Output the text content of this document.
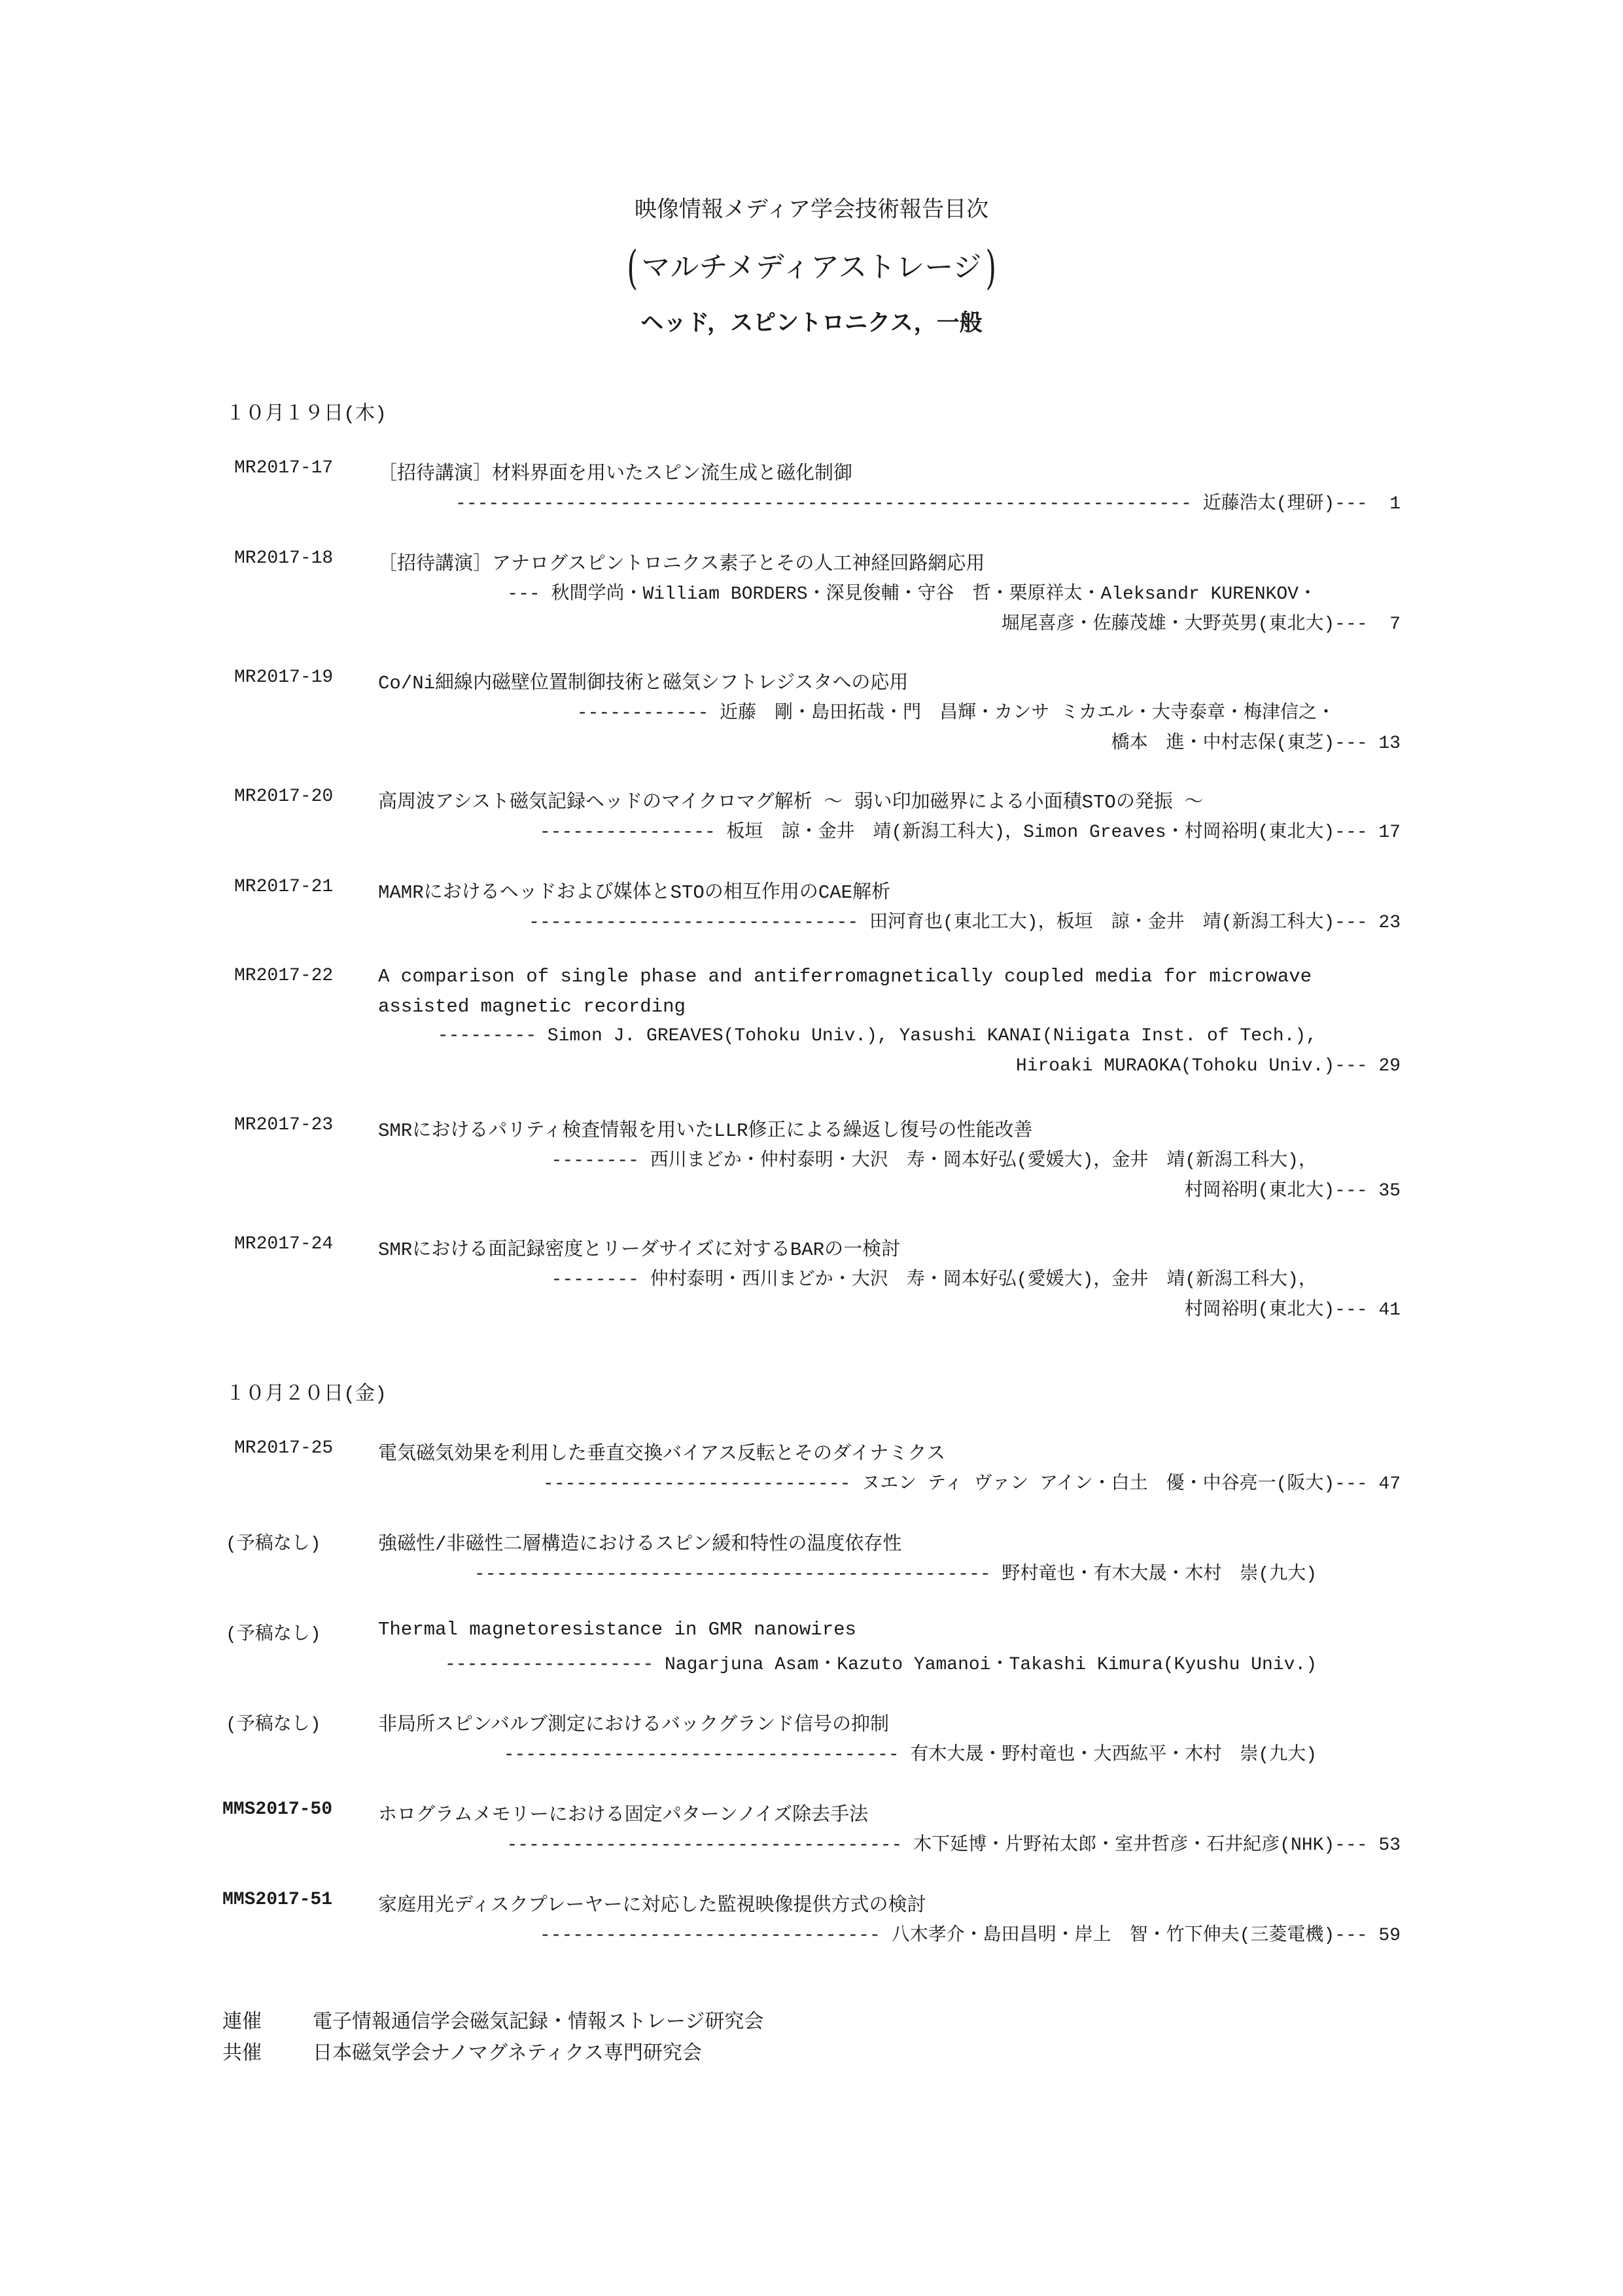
映像情報メディア学会技術報告目次
( マルチメディアストレージ)
ヘッド，スピントロニクス，一般
１０月１９日(木)
MR2017-17 ［招待講演］材料界面を用いたスピン流生成と磁化制御
------------------------------------------------------------------- 近藤浩太(理研)---  1
MR2017-18 ［招待講演］アナログスピントロニクス素子とその人工神経回路網応用
--- 秋間学尚・William BORDERS・深見俊輔・守谷　哲・栗原祥太・Aleksandr KURENKOV・
堀尾喜彦・佐藤茂雄・大野英男(東北大)---  7
MR2017-19 Co/Ni細線内磁壁位置制御技術と磁気シフトレジスタへの応用
------------ 近藤　剛・島田拓哉・門　昌輝・カンサ ミカエル・大寺泰章・梅津信之・
橋本　進・中村志保(東芝)--- 13
MR2017-20 高周波アシスト磁気記録ヘッドのマイクロマグ解析 ～ 弱い印加磁界による小面積STOの発振 ～
---------------- 板垣　諒・金井　靖(新潟工科大)，Simon Greaves・村岡裕明(東北大)--- 17
MR2017-21 MAMRにおけるヘッドおよび媒体とSTOの相互作用のCAE解析
------------------------------ 田河育也(東北工大)，板垣　諒・金井　靖(新潟工科大)--- 23
MR2017-22 A comparison of single phase and antiferromagnetically coupled media for microwave
assisted magnetic recording
--------- Simon J. GREAVES(Tohoku Univ.), Yasushi KANAI(Niigata Inst. of Tech.),
Hiroaki MURAOKA(Tohoku Univ.)--- 29
MR2017-23 SMRにおけるパリティ検査情報を用いたLLR修正による繰返し復号の性能改善
-------- 西川まどか・仲村泰明・大沢　寿・岡本好弘(愛媛大)，金井　靖(新潟工科大)，
村岡裕明(東北大)--- 35
MR2017-24 SMRにおける面記録密度とリーダサイズに対するBARの一検討
-------- 仲村泰明・西川まどか・大沢　寿・岡本好弘(愛媛大)，金井　靖(新潟工科大)，
村岡裕明(東北大)--- 41
１０月２０日(金)
MR2017-25 電気磁気効果を利用した垂直交換バイアス反転とそのダイナミクス
---------------------------- ヌエン ティ ヴァン アイン・白土　優・中谷亮一(阪大)--- 47
(予稿なし)	強磁性/非磁性二層構造におけるスピン緩和特性の温度依存性
----------------------------------------------- 野村竜也・有木大晟・木村　崇(九大)
(予稿なし)	Thermal magnetoresistance in GMR nanowires
------------------- Nagarjuna Asam・Kazuto Yamanoi・Takashi Kimura(Kyushu Univ.)
(予稿なし)	非局所スピンバルブ測定におけるバックグランド信号の抑制
------------------------------------ 有木大晟・野村竜也・大西紘平・木村　崇(九大)
MMS2017-50 ホログラムメモリーにおける固定パターンノイズ除去手法
------------------------------------ 木下延博・片野祐太郎・室井哲彦・石井紀彦(NHK)--- 53
MMS2017-51 家庭用光ディスクプレーヤーに対応した監視映像提供方式の検討
------------------------------- 八木孝介・島田昌明・岸上　智・竹下伸夫(三菱電機)--- 59
連催	電子情報通信学会磁気記録・情報ストレージ研究会
共催	日本磁気学会ナノマグネティクス専門研究会
